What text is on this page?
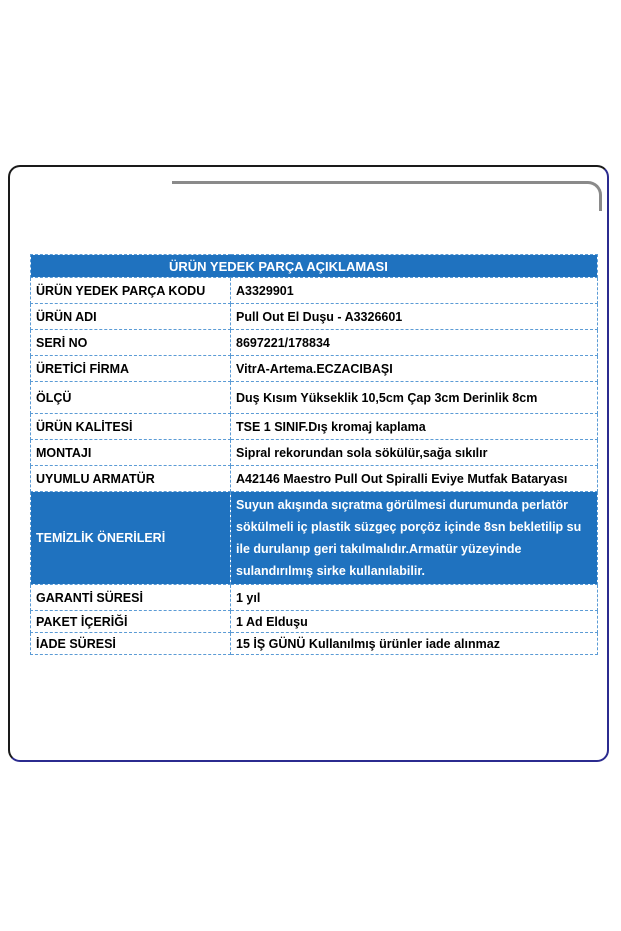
ÜRÜN YEDEK PARÇA AÇIKLAMASI	
ÜRÜN YEDEK PARÇA KODU	A3329901
ÜRÜN ADI	Pull Out El Duşu - A3326601
SERİ NO	8697221/178834
ÜRETİCİ FİRMA	VitrA-Artema.ECZACIBAŞI
ÖLÇÜ	Duş Kısım Yükseklik 10,5cm Çap 3cm Derinlik 8cm
ÜRÜN KALİTESİ	TSE 1 SINIF.Dış kromaj kaplama
MONTAJI	Sipral rekorundan sola sökülür,sağa sıkılır
UYUMLU ARMATÜR	A42146 Maestro Pull Out Spiralli Eviye Mutfak Bataryası
TEMİZLİK ÖNERİLERİ	Suyun akışında sıçratma görülmesi durumunda perlatör sökülmeli iç plastik süzgeç porçöz içinde 8sn bekletilip su ile durulanıp geri takılmalıdır.Armatür yüzeyinde sulandırılmış sirke kullanılabilir.
GARANTİ SÜRESİ	1 yıl
PAKET İÇERİĞİ	1 Ad Elduşu
İADE SÜRESİ	15 İŞ GÜNÜ Kullanılmış ürünler iade alınmaz
